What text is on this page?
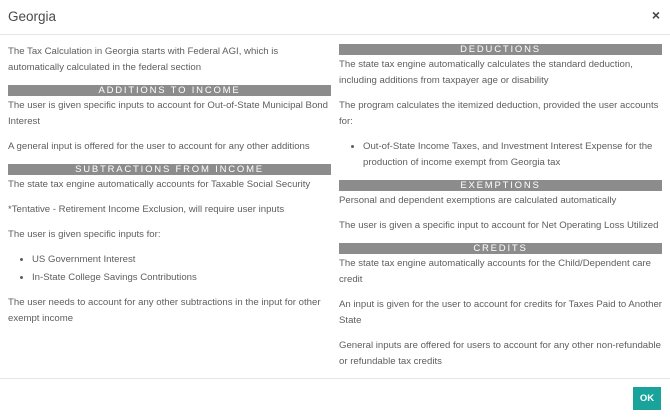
Georgia	×

The Tax Calculation in Georgia starts with Federal AGI, which is automatically calculated in the federal section

ADDITIONS TO INCOME

The user is given specific inputs to account for Out-of-State Municipal Bond Interest

A general input is offered for the user to account for any other additions

SUBTRACTIONS FROM INCOME

The state tax engine automatically accounts for Taxable Social Security

*Tentative - Retirement Income Exclusion, will require user inputs

The user is given specific inputs for:

• US Government Interest
• In-State College Savings Contributions

The user needs to account for any other subtractions in the input for other exempt income

DEDUCTIONS

The state tax engine automatically calculates the standard deduction, including additions from taxpayer age or disability

The program calculates the itemized deduction, provided the user accounts for:

• Out-of-State Income Taxes, and Investment Interest Expense for the production of income exempt from Georgia tax
EXEMPTIONS

Personal and dependent exemptions are calculated automatically

The user is given a specific input to account for Net Operating Loss Utilized

CREDITS

The state tax engine automatically accounts for the Child/Dependent care credit

An input is given for the user to account for credits for Taxes Paid to Another State

General inputs are offered for users to account for any other non-refundable or refundable tax credits

OK
